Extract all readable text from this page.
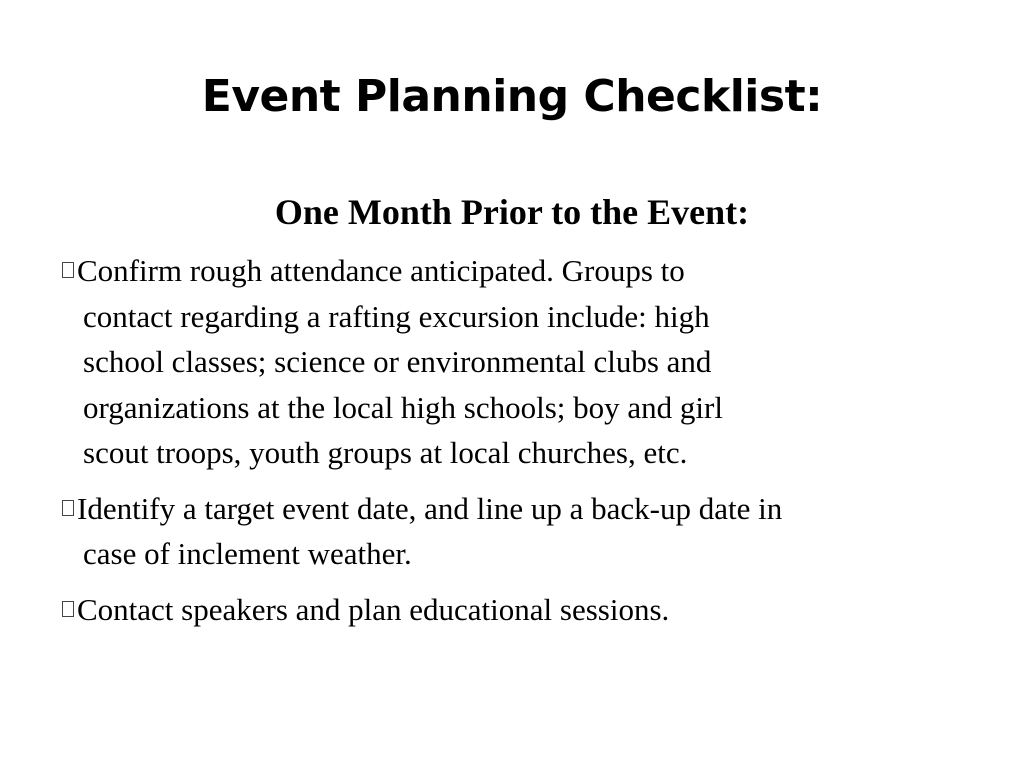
Event Planning Checklist:
One Month Prior to the Event:
Confirm rough attendance anticipated. Groups to
contact regarding a rafting excursion include: high
school classes; science or environmental clubs and
organizations at the local high schools; boy and girl
scout troops, youth groups at local churches, etc.
Identify a target event date, and line up a back-up date in
case of inclement weather.
Contact speakers and plan educational sessions.
